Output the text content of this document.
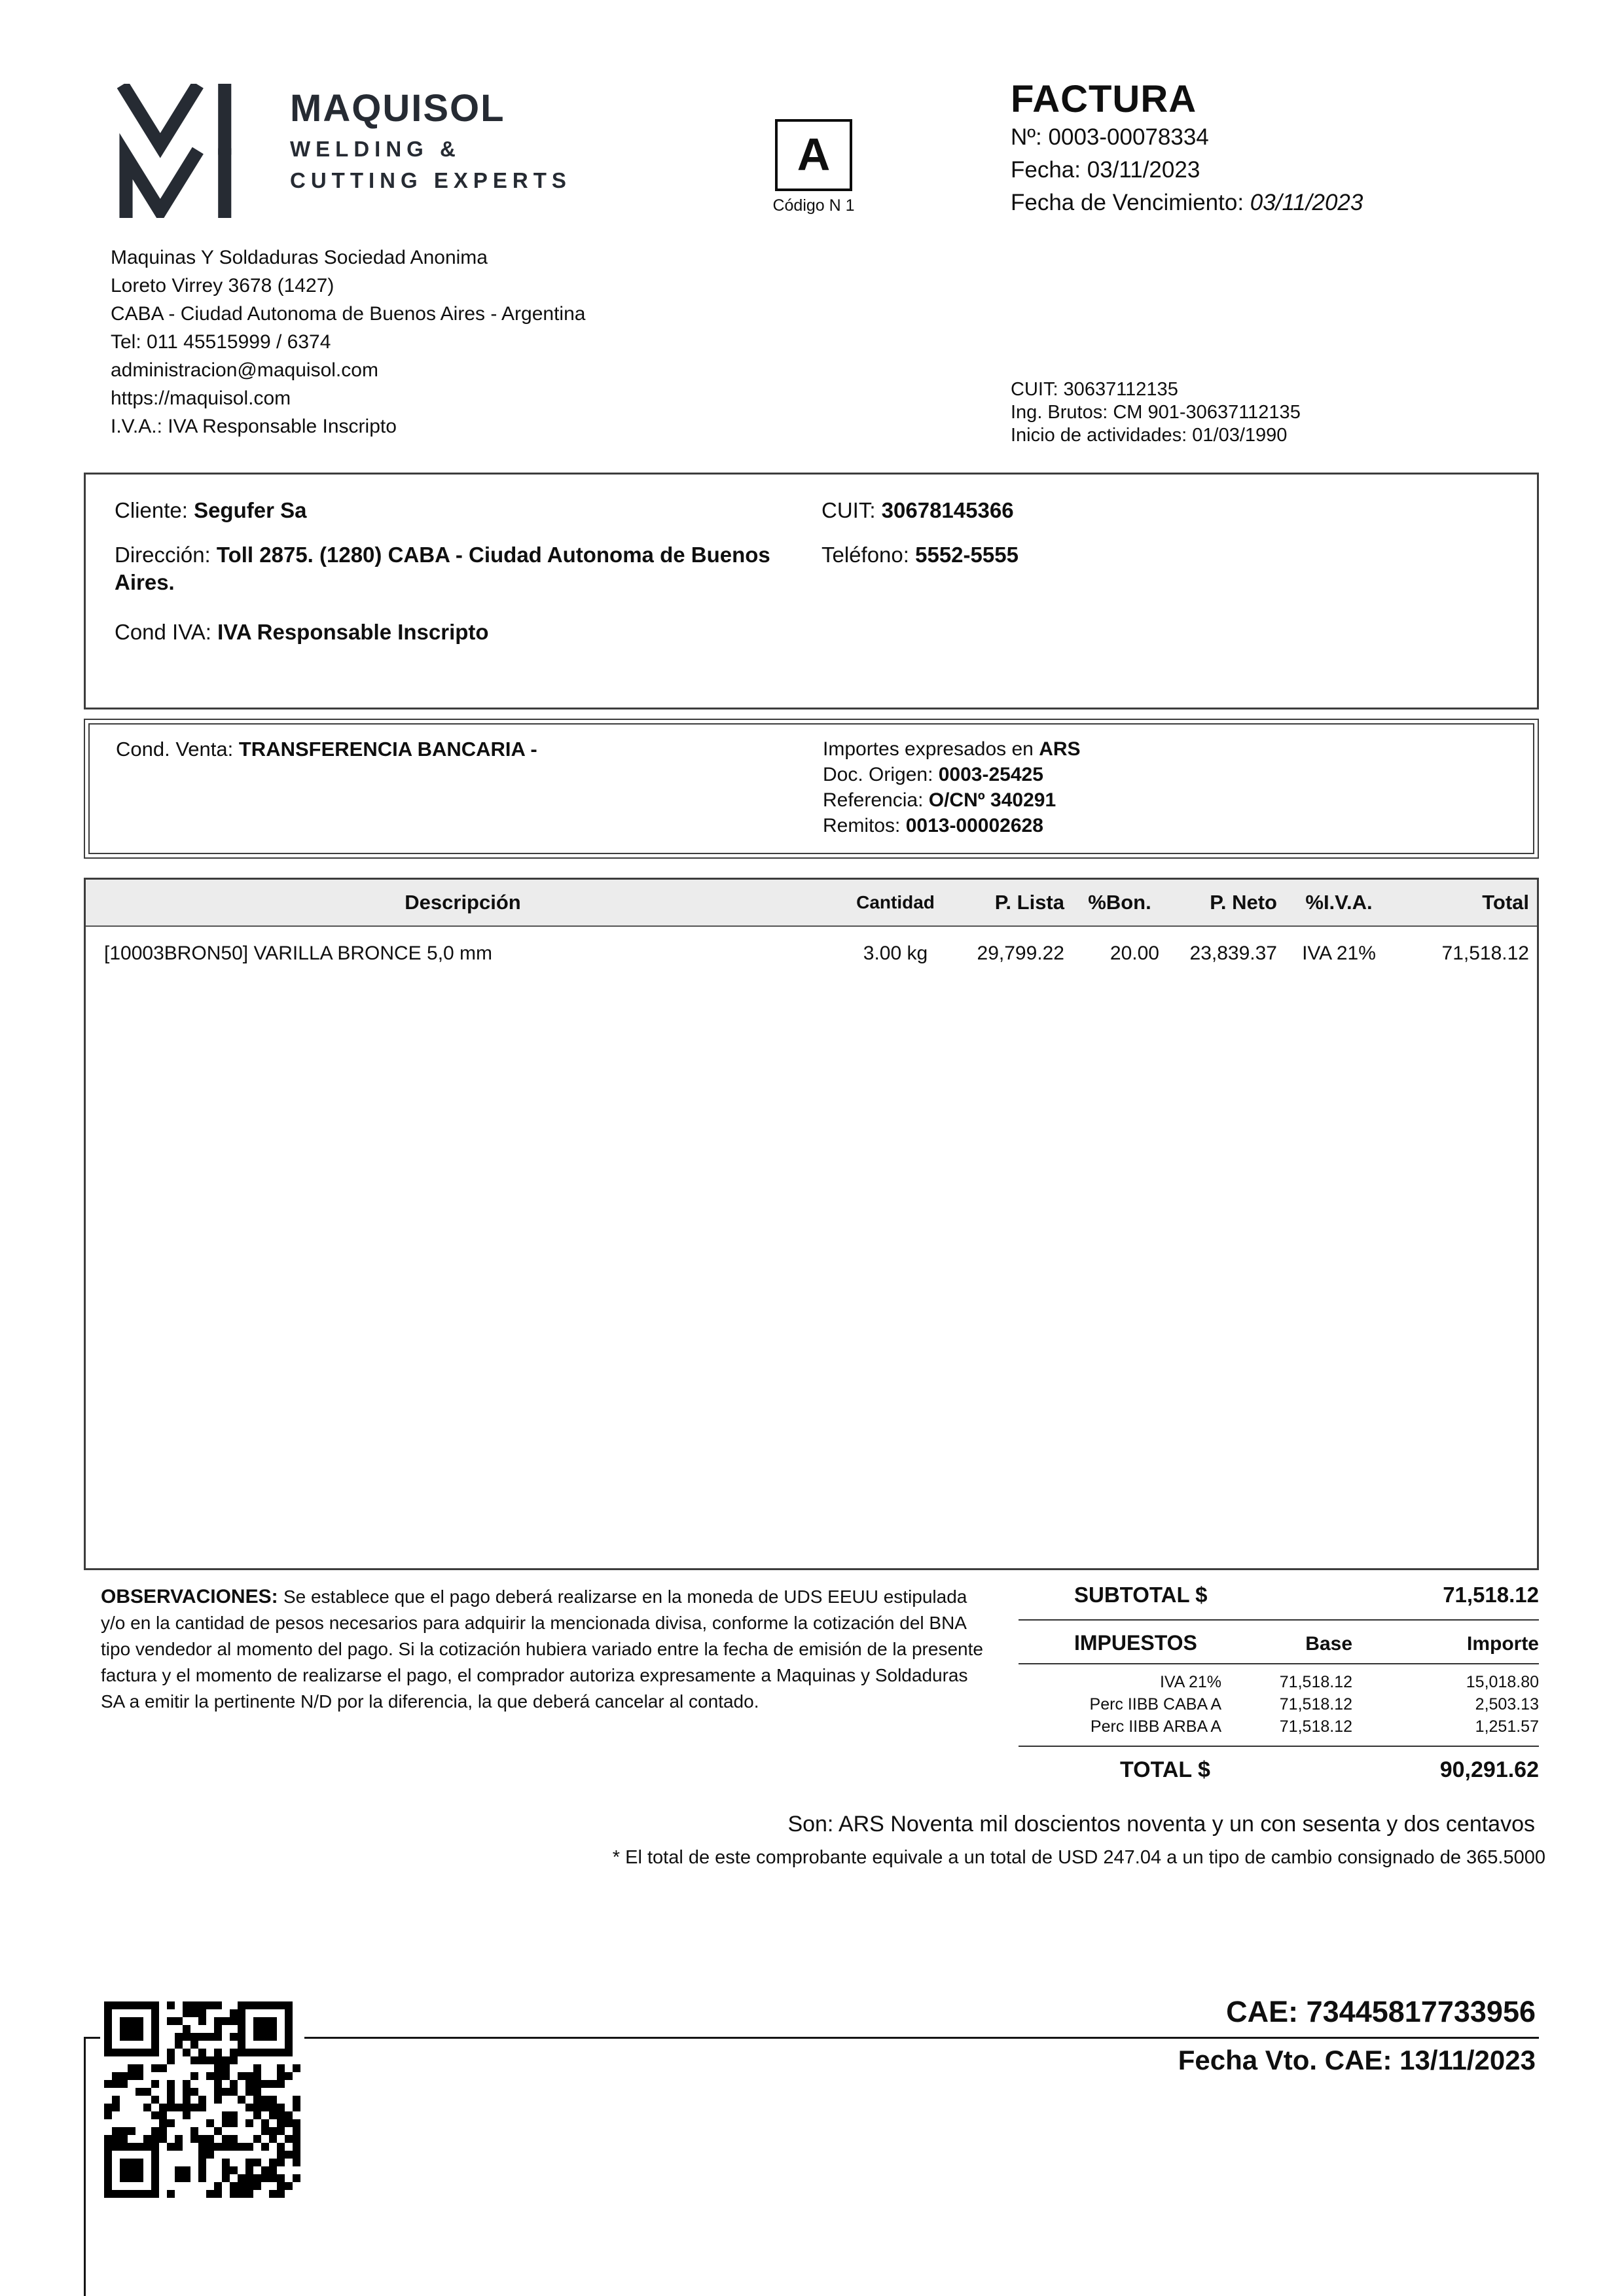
MAQUISOL
WELDING &
CUTTING EXPERTS
A
Código N 1
FACTURA
Nº: 0003-00078334
Fecha: 03/11/2023
Fecha de Vencimiento: 03/11/2023
Maquinas Y Soldaduras Sociedad Anonima
Loreto Virrey 3678 (1427)
CABA - Ciudad Autonoma de Buenos Aires - Argentina
Tel: 011 45515999 / 6374
administracion@maquisol.com
https://maquisol.com
I.V.A.: IVA Responsable Inscripto
CUIT: 30637112135
Ing. Brutos: CM 901-30637112135
Inicio de actividades: 01/03/1990

Cliente: Segufer Sa

Dirección: Toll 2875. (1280) CABA - Ciudad Autonoma de Buenos Aires.

Cond IVA: IVA Responsable Inscripto

CUIT: 30678145366

Teléfono: 5552-5555

Cond. Venta: TRANSFERENCIA BANCARIA -	Importes expresados en ARS
Doc. Origen: 0003-25425
Referencia: O/CNº 340291
Remitos: 0013-00002628
Descripción	Cantidad	P. Lista	%Bon.	P. Neto	%I.V.A.	Total
[10003BRON50] VARILLA BRONCE 5,0 mm	3.00 kg	29,799.22	20.00	23,839.37	IVA 21%	71,518.12
OBSERVACIONES: Se establece que el pago deberá realizarse en la moneda de UDS EEUU estipulada y/o en la cantidad de pesos necesarios para adquirir la mencionada divisa, conforme la cotización del BNA tipo vendedor al momento del pago. Si la cotización hubiera variado entre la fecha de emisión de la presente factura y el momento de realizarse el pago, el comprador autoriza expresamente a Maquinas y Soldaduras SA a emitir la pertinente N/D por la diferencia, la que deberá cancelar al contado.
SUBTOTAL $	71,518.12
IMPUESTOS	Base	Importe
IVA 21%	71,518.12	15,018.80
Perc IIBB CABA A	71,518.12	2,503.13
Perc IIBB ARBA A	71,518.12	1,251.57
TOTAL $	90,291.62
Son: ARS Noventa mil doscientos noventa y un con sesenta y dos centavos
* El total de este comprobante equivale a un total de USD 247.04 a un tipo de cambio consignado de 365.5000
CAE: 73445817733956
Fecha Vto. CAE: 13/11/2023
